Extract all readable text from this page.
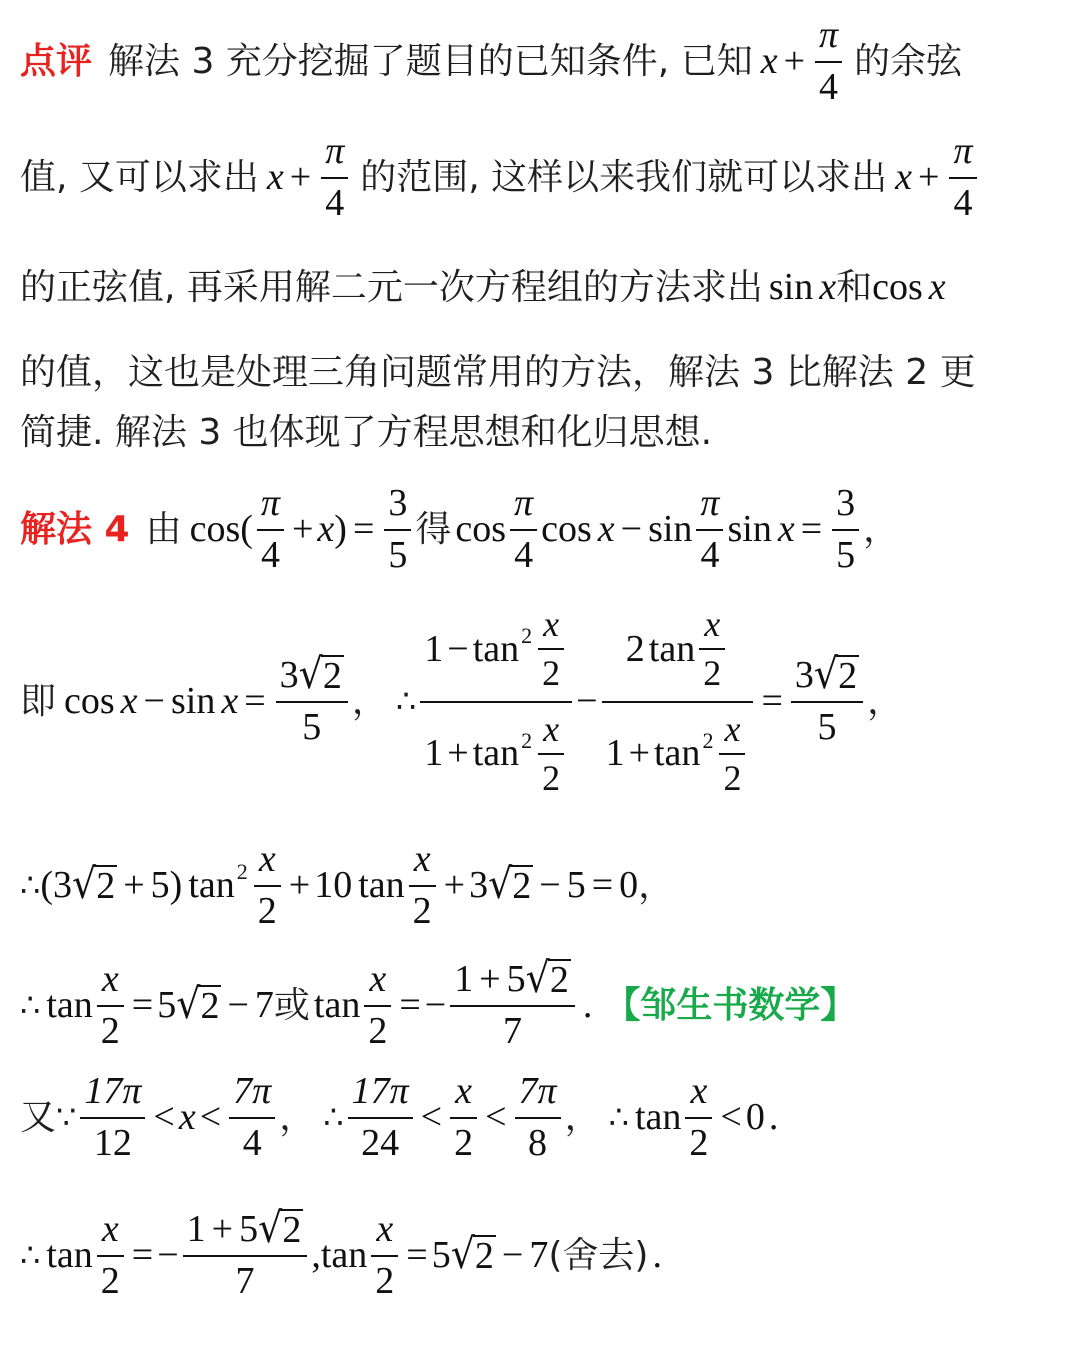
点评 解法 3 充分挖掘了题目的已知条件, 已知 $x + \frac{\pi}{4}$ 的余弦
值, 又可以求出 $x + \frac{\pi}{4}$ 的范围, 这样以来我们就可以求出 $x + \frac{\pi}{4}$
的正弦值, 再采用解二元一次方程组的方法求出 sin x 和 cos x
的值，这也是处理三角问题常用的方法，解法 3 比解法 2 更
简捷. 解法 3 也体现了方程思想和化归思想.
解法 4 由 cos ( $\frac{\pi}{4} + x$ ) = $\frac{3}{5}$ 得 $\cos \frac{\pi}{4}$ $\cos x - \sin \frac{\pi}{4}$ $\sin x = \frac{3}{5}$ ，
即 $\cos x - \sin x = \frac{3 √ 2}{5}$ ， ∴ $\frac{1 - \tan^2 \frac{x}{2}}{1 + \tan^2 \frac{x}{2}} - \frac{2 \tan \frac{x}{2}}{1 + \tan^2 \frac{x}{2}} = \frac{3 √ 2}{5}$ ，
∴ ( 3 √ 2 + 5 ) $\tan^2 \frac{x}{2} + 10$ $\tan \frac{x}{2} + 3$ √ 2 − 5 = 0 ，
∴ $\tan \frac{x}{2} = 5$ √ 2 − 7 或 $\tan \frac{x}{2}$ = − $\frac{1 + 5 √ 2}{7}$ . 【邹生书数学】
又 ∵ $\frac{17\pi}{12} < x < \frac{7\pi}{4}$ ， ∴ $\frac{17\pi}{24} < \frac{x}{2} < \frac{7\pi}{8}$ ， ∴ $\tan \frac{x}{2} < 0$ .
∴ $\tan \frac{x}{2}$ = − $\frac{1 + 5 √ 2}{7}$ , $\tan \frac{x}{2} = 5$ √ 2 − 7 (舍去) .
